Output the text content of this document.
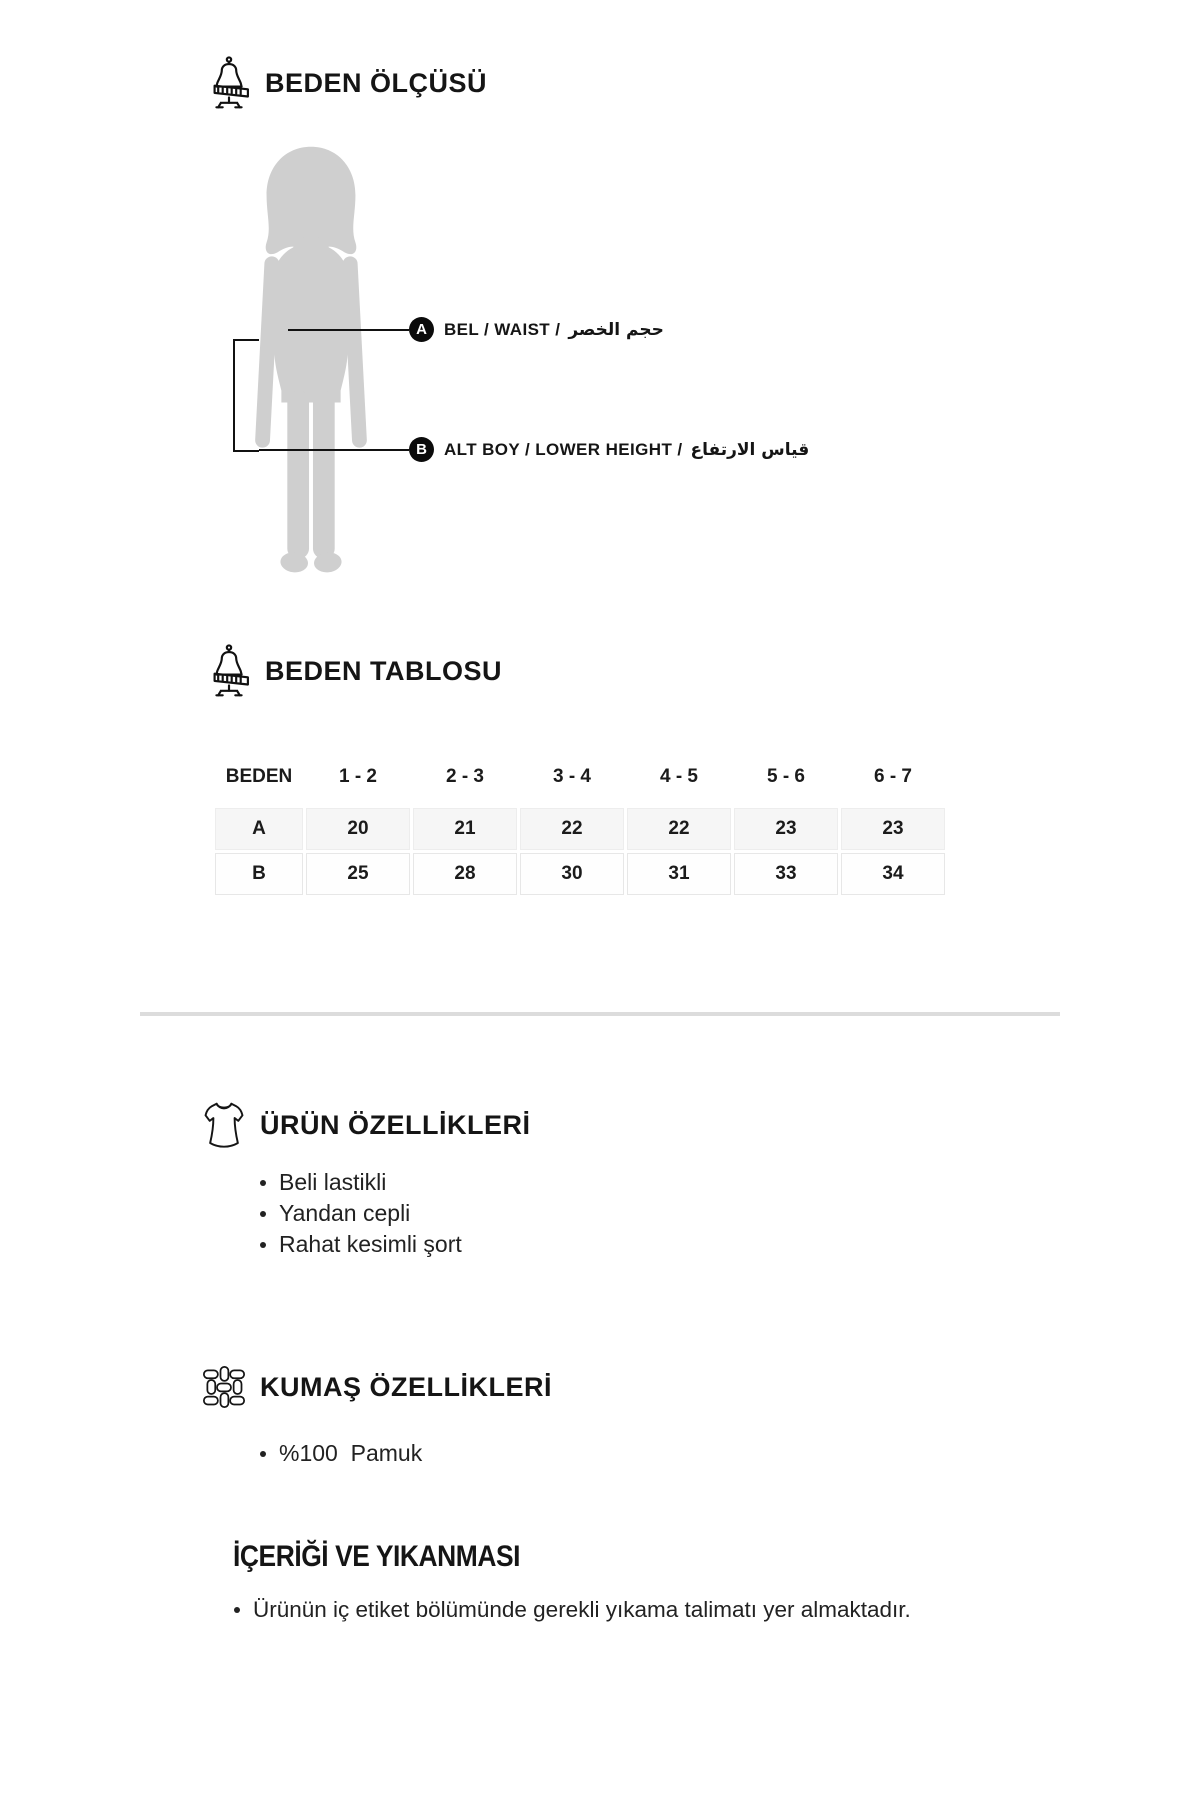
BEDEN ÖLÇÜSÜ
A BEL / WAIST / حجم الخصر
B ALT BOY / LOWER HEIGHT / قياس الارتفاع
BEDEN TABLOSU
BEDEN	1 - 2	2 - 3	3 - 4	4 - 5	5 - 6	6 - 7
A	20	21	22	22	23	23
B	25	28	30	31	33	34
ÜRÜN ÖZELLİKLERİ
Beli lastikli
Yandan cepli
Rahat kesimli şort
KUMAŞ ÖZELLİKLERİ
%100  Pamuk
İÇERİĞİ VE YIKANMASI
Ürünün iç etiket bölümünde gerekli yıkama talimatı yer almaktadır.
